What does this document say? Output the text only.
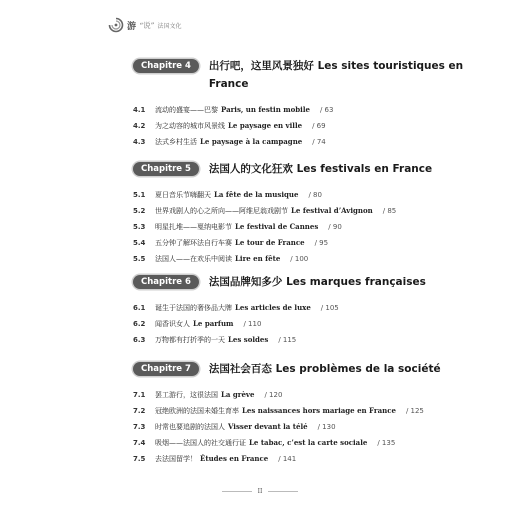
游 “说” 法国文化
Chapitre 4	出行吧，这里风景独好 Les sites touristiques en
France
4.1	流动的盛宴——巴黎 Paris, un festin mobile / 63
4.2	为之动容的城市风景线 Le paysage en ville / 69
4.3	法式乡村生活 Le paysage à la campagne / 74
Chapitre 5	法国人的文化狂欢 Les festivals en France
5.1	夏日音乐节嗨翻天 La fête de la musique / 80
5.2	世界戏剧人的心之所向——阿维尼翁戏剧节 Le festival d’Avignon / 85
5.3	明星扎堆——戛纳电影节 Le festival de Cannes / 90
5.4	五分钟了解环法自行车赛 Le tour de France / 95
5.5	法国人——在欢乐中阅读 Lire en fête / 100
Chapitre 6	法国品牌知多少 Les marques françaises
6.1	诞生于法国的奢侈品大牌 Les articles de luxe / 105
6.2	闻香识女人 Le parfum / 110
6.3	万物都有打折季的一天 Les soldes / 115
Chapitre 7	法国社会百态 Les problèmes de la société
7.1	罢工游行，这很法国 La grève / 120
7.2	冠绝欧洲的法国未婚生育率 Les naissances hors mariage en France / 125
7.3	时常也要追剧的法国人 Visser devant la télé / 130
7.4	吸烟——法国人的社交通行证 Le tabac, c’est la carte sociale / 135
7.5	去法国留学！ Études en France / 141
II
